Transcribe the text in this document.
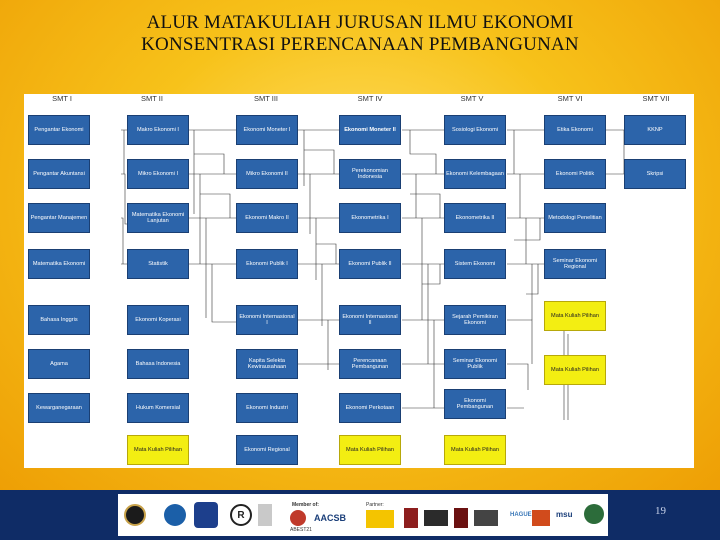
ALUR MATAKULIAH JURUSAN ILMU EKONOMI
KONSENTRASI PERENCANAAN PEMBANGUNAN
SMT I	SMT II	SMT III	SMT IV	SMT V	SMT VI	SMT VII
Pengantar Ekonomi
Pengantar Akuntansi
Pengantar Manajemen
Matematika Ekonomi
Bahasa Inggris
Agama
Kewarganegaraan
Makro Ekonomi I
Mikro Ekonomi I
Matematika Ekonomi Lanjutan
Statistik
Ekonomi Koperasi
Bahasa Indonesia
Hukum Komersial
Mata Kuliah Pilihan
Ekonomi Moneter I
Mikro Ekonomi II
Ekonomi Makro II
Ekonomi Publik I
Ekonomi Internasional I
Kapita Selekta Kewirausahaan
Ekonomi Industri
Ekonomi Regional
Ekonomi Moneter II
Perekonomian Indonesia
Ekonometrika I
Ekonomi Publik II
Ekonomi Internasional II
Perencanaan Pembangunan
Ekonomi Perkotaan
Mata Kuliah Pilihan
Sosiologi Ekonomi
Ekonomi Kelembagaan
Ekonometrika II
Sistem Ekonomi
Sejarah Pemikiran Ekonomi
Seminar Ekonomi Publik
Ekonomi Pembangunan
Mata Kuliah Pilihan
Etika Ekonomi
Ekonomi Politik
Metodologi Penelitian
Seminar Ekonomi Regional
Mata Kuliah Pilihan
Mata Kuliah Pilihan
KKNP
Skripsi
R
Member of:
ABEST21
AACSB
Partner:
HAGUE	msu	19
